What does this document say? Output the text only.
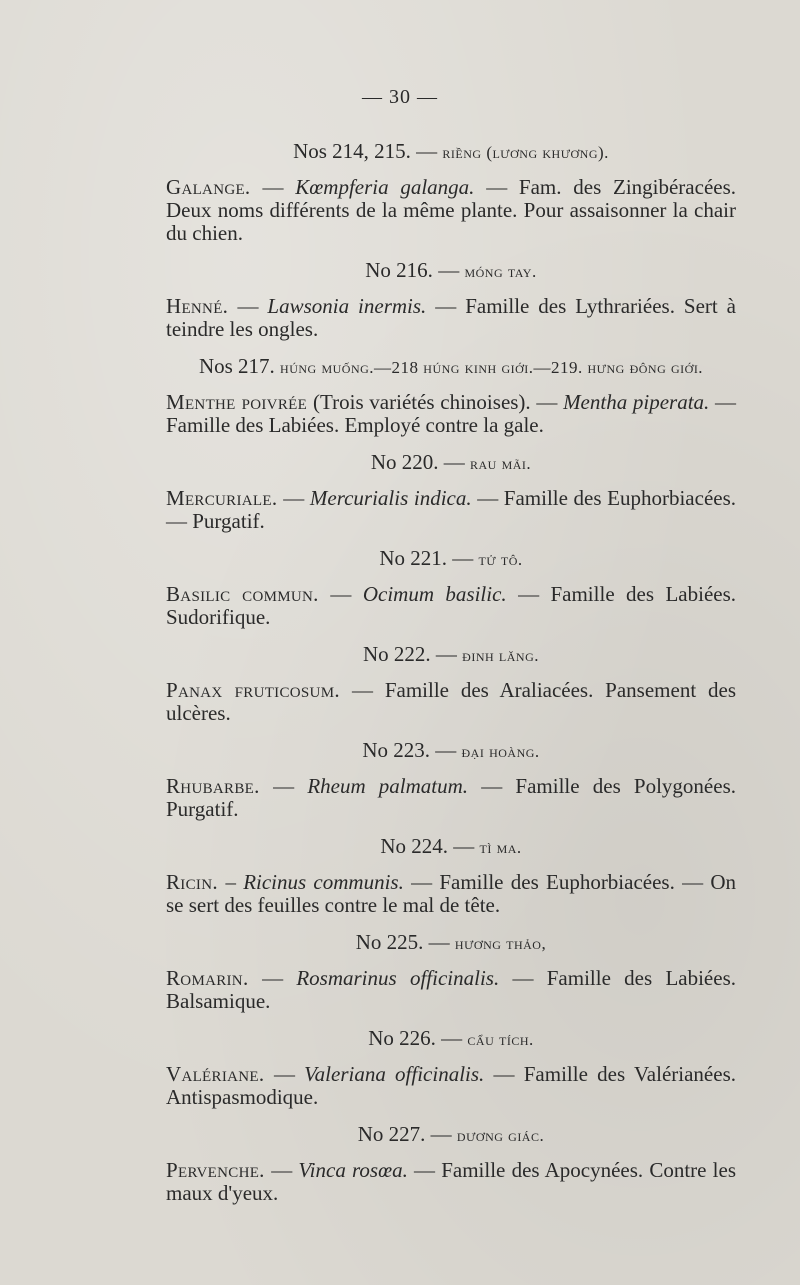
— 30 —

Nos 214, 215. — riềng (lương khương).

Galange. — Kœmpferia galanga. — Fam. des Zingibéracées. Deux noms différents de la même plante. Pour assaisonner la chair du chien.

No 216. — móng tay.

Henné. — Lawsonia inermis. — Famille des Lythrariées. Sert à teindre les ongles.

Nos 217. húng muống.—218 húng kinh giới.—219. hưng đông giới.

Menthe poivrée (Trois variétés chinoises). — Mentha piperata. — Famille des Labiées. Employé contre la gale.

No 220. — rau mãi.

Mercuriale. — Mercurialis indica. — Famille des Euphorbiacées. — Purgatif.

No 221. — tử tô.

Basilic commun. — Ocimum basilic. — Famille des Labiées. Sudorifique.

No 222. — đinh lăng.

Panax fruticosum. — Famille des Araliacées. Pansement des ulcères.

No 223. — đại hoàng.

Rhubarbe. — Rheum palmatum. — Famille des Polygonées. Purgatif.

No 224. — tì ma.

Ricin. – Ricinus communis. — Famille des Euphorbiacées. — On se sert des feuilles contre le mal de tête.

No 225. — hương thảo,

Romarin. — Rosmarinus officinalis. — Famille des Labiées. Balsamique.

No 226. — cẩu tích.

Valériane. — Valeriana officinalis. — Famille des Valérianées. Antispasmodique.

No 227. — dương giác.

Pervenche. — Vinca rosœa. — Famille des Apocynées. Contre les maux d'yeux.
